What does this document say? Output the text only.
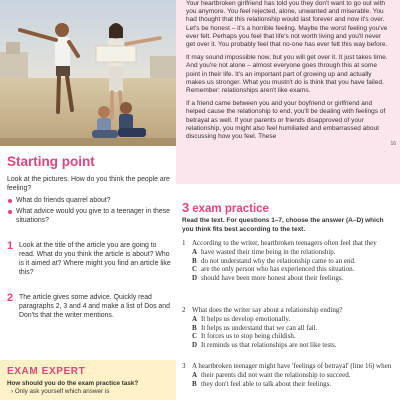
Starting point
Look at the pictures. How do you think the people are feeling?
What do friends quarrel about?
What advice would you give to a teenager in these situations?
1 Look at the title of the article you are going to read. What do you think the article is about? Who is it aimed at? Where might you find an article like this?
2 The article gives some advice. Quickly read paragraphs 2, 3 and 4 and make a list of Dos and Don'ts that the writer mentions.
EXAM EXPERT
How should you do the exam practice task?
› Only ask yourself which answer is

Your heartbroken girlfriend has told you they don't want to go out with you anymore. You feel rejected, alone, unwanted and miserable. You had thought that this relationship would last forever and now it's over. Let's be honest – it's a horrible feeling. Maybe the worst feeling you've ever felt. Perhaps you feel that life's not worth living and you'll never get over it. You probably feel that no-one has ever felt this way before.

It may sound impossible now, but you will get over it. It just takes time. And you're not alone – almost everyone goes through this at some point in their life. It's an important part of growing up and actually makes us stronger. What you mustn't do is think that you have failed. Remember: relationships aren't like exams.

If a friend came between you and your boyfriend or girlfriend and helped cause the relationship to end, you'll be dealing with feelings of betrayal as well. If your parents or friends disapproved of your relationship, you might also feel humiliated and embarrassed about discussing how you feel. These

16
3 exam practice
Read the text. For questions 1–7, choose the answer (A–D) which you think fits best according to the text.
1 According to the writer, heartbroken teenagers often feel that they
A have wasted their time being in the relationship.
B do not understand why the relationship came to an end.
C are the only person who has experienced this situation.
D should have been more honest about their feelings.
2 What does the writer say about a relationship ending?
A It helps us develop emotionally.
B It helps us understand that we can all fail.
C It forces us to stop being childish.
D It reminds us that relationships are not like tests.
3 A heartbroken teenager might have 'feelings of betrayal' (line 16) when
A their parents did not want the relationship to succeed.
B they don't feel able to talk about their feelings.
